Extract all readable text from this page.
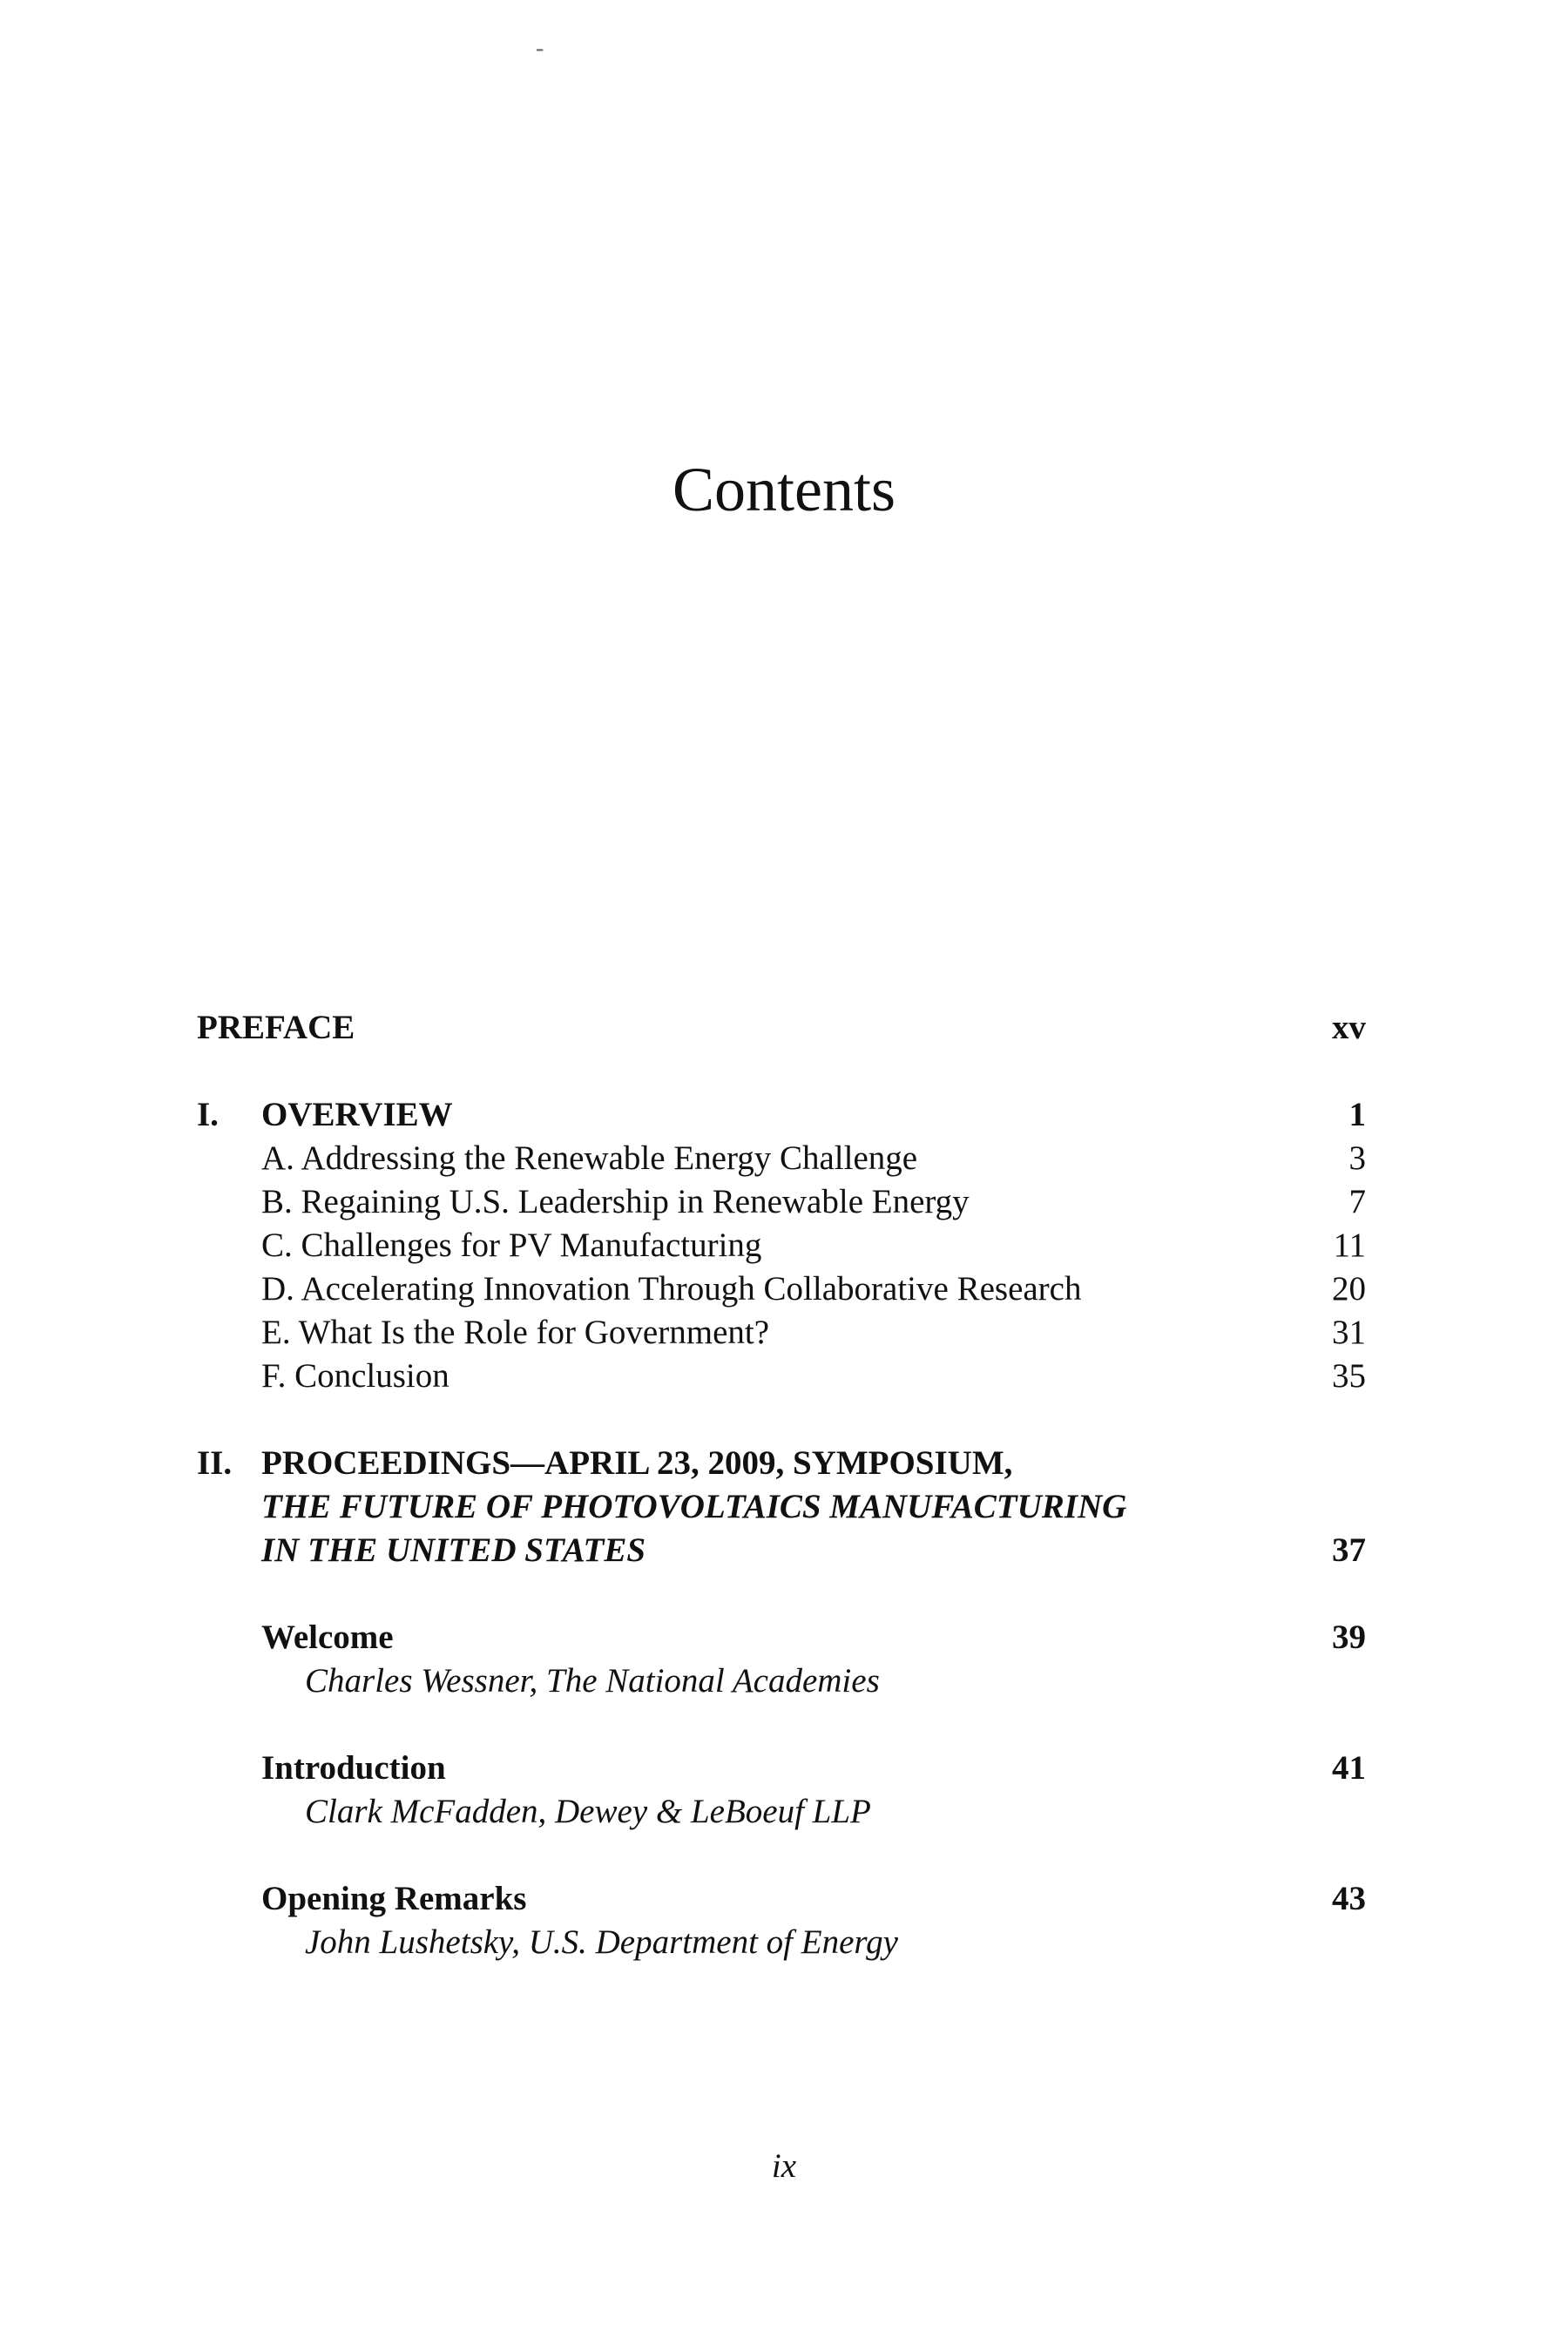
-
Contents
PREFACE	xv
I. OVERVIEW	1
A. Addressing the Renewable Energy Challenge	3
B. Regaining U.S. Leadership in Renewable Energy	7
C. Challenges for PV Manufacturing	11
D. Accelerating Innovation Through Collaborative Research	20
E. What Is the Role for Government?	31
F. Conclusion	35
II. PROCEEDINGS—APRIL 23, 2009, SYMPOSIUM,
THE FUTURE OF PHOTOVOLTAICS MANUFACTURING
IN THE UNITED STATES	37
Welcome	39
Charles Wessner, The National Academies
Introduction	41
Clark McFadden, Dewey & LeBoeuf LLP
Opening Remarks	43
John Lushetsky, U.S. Department of Energy
ix
